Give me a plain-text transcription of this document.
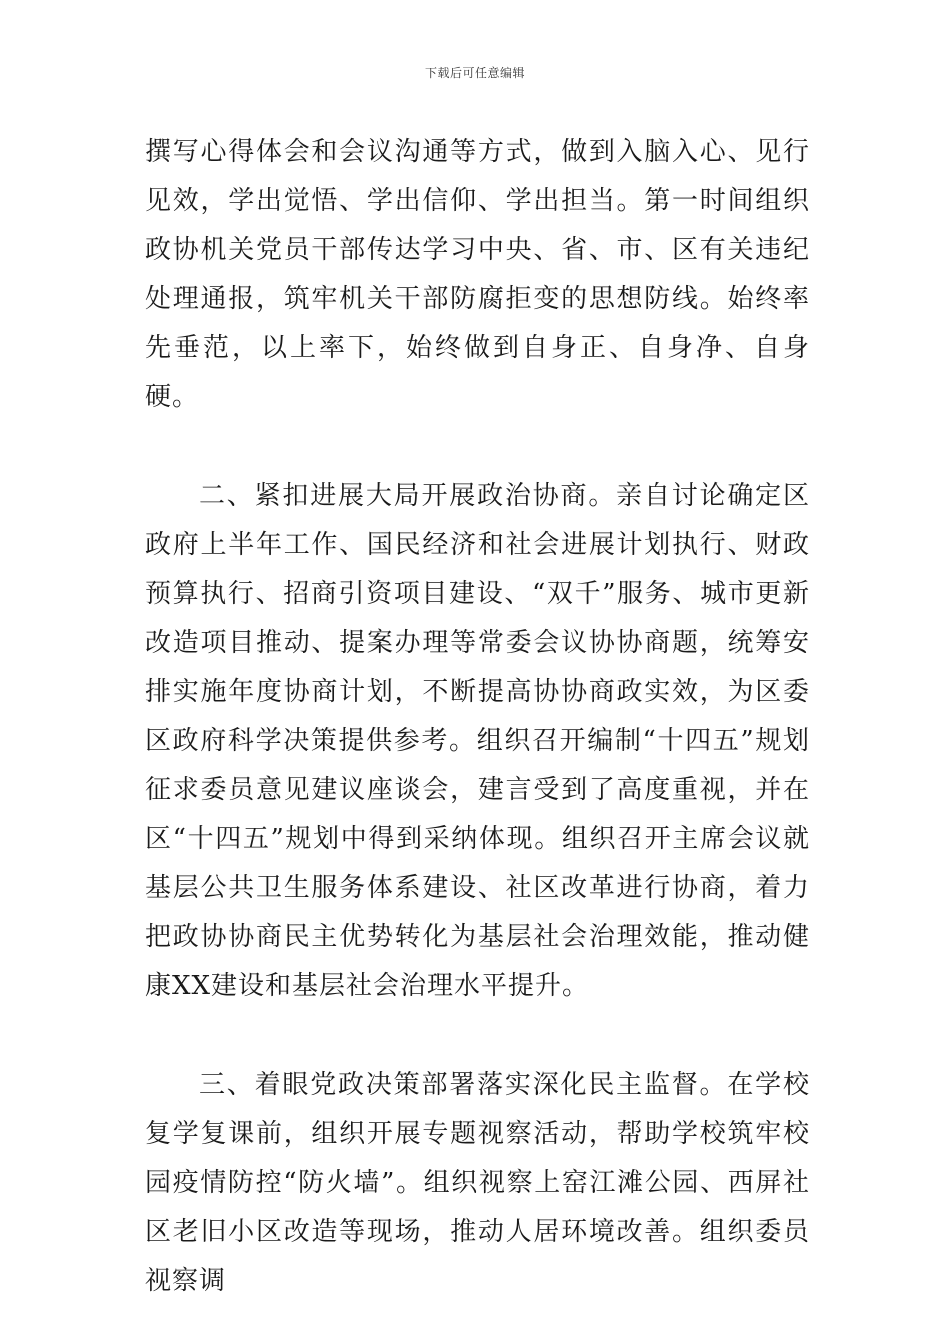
下载后可任意编辑

撰写心得体会和会议沟通等方式，做到入脑入心、见行见效，学出觉悟、学出信仰、学出担当。第一时间组织政协机关党员干部传达学习中央、省、市、区有关违纪处理通报，筑牢机关干部防腐拒变的思想防线。始终率先垂范，以上率下，始终做到自身正、自身净、自身硬。

二、紧扣进展大局开展政治协商。亲自讨论确定区政府上半年工作、国民经济和社会进展计划执行、财政预算执行、招商引资项目建设、“双千”服务、城市更新改造项目推动、提案办理等常委会议协协商题，统筹安排实施年度协商计划，不断提高协协商政实效，为区委区政府科学决策提供参考。组织召开编制“十四五”规划征求委员意见建议座谈会，建言受到了高度重视，并在区“十四五”规划中得到采纳体现。组织召开主席会议就基层公共卫生服务体系建设、社区改革进行协商，着力把政协协商民主优势转化为基层社会治理效能，推动健康XX建设和基层社会治理水平提升。

三、着眼党政决策部署落实深化民主监督。在学校复学复课前，组织开展专题视察活动，帮助学校筑牢校园疫情防控“防火墙”。组织视察上窑江滩公园、西屏社区老旧小区改造等现场，推动人居环境改善。组织委员视察调
